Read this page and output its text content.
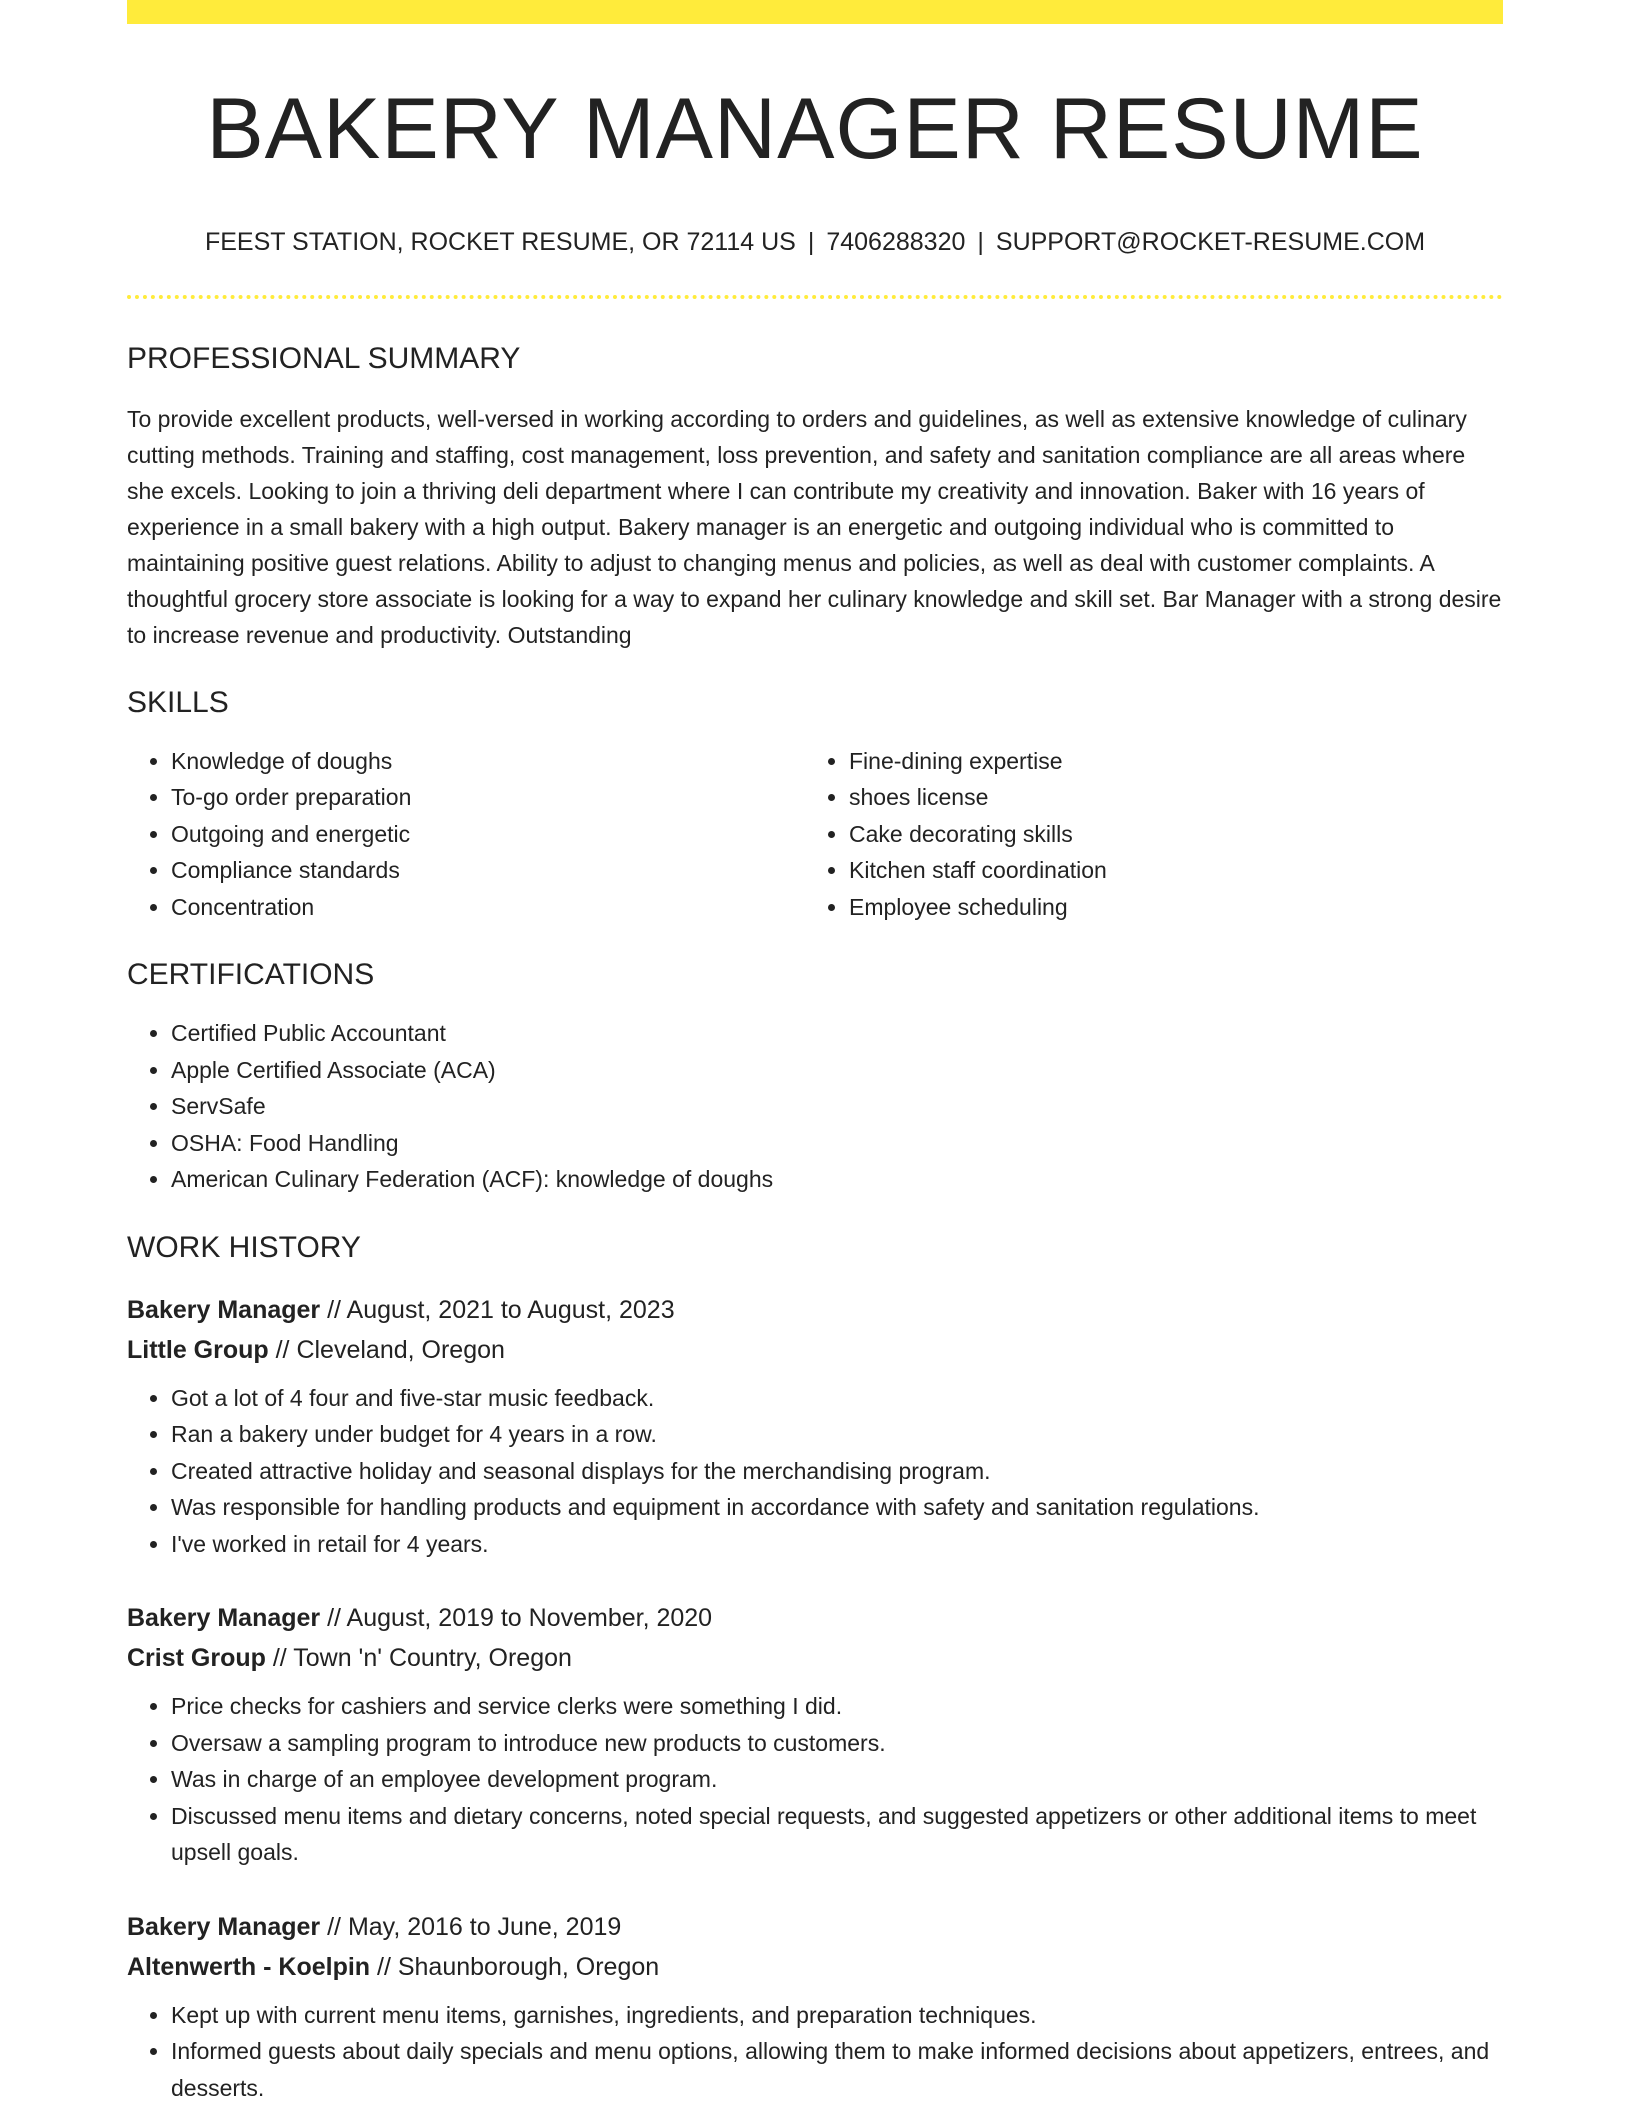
BAKERY MANAGER RESUME
FEEST STATION, ROCKET RESUME, OR 72114 US | 7406288320 | SUPPORT@ROCKET-RESUME.COM
PROFESSIONAL SUMMARY
To provide excellent products, well-versed in working according to orders and guidelines, as well as extensive knowledge of culinary cutting methods. Training and staffing, cost management, loss prevention, and safety and sanitation compliance are all areas where she excels. Looking to join a thriving deli department where I can contribute my creativity and innovation. Baker with 16 years of experience in a small bakery with a high output. Bakery manager is an energetic and outgoing individual who is committed to maintaining positive guest relations. Ability to adjust to changing menus and policies, as well as deal with customer complaints. A thoughtful grocery store associate is looking for a way to expand her culinary knowledge and skill set. Bar Manager with a strong desire to increase revenue and productivity. Outstanding
SKILLS
• Knowledge of doughs
• To-go order preparation
• Outgoing and energetic
• Compliance standards
• Concentration
• Fine-dining expertise
• shoes license
• Cake decorating skills
• Kitchen staff coordination
• Employee scheduling
CERTIFICATIONS
• Certified Public Accountant
• Apple Certified Associate (ACA)
• ServSafe
• OSHA: Food Handling
• American Culinary Federation (ACF): knowledge of doughs
WORK HISTORY
Bakery Manager // August, 2021 to August, 2023
Little Group // Cleveland, Oregon
• Got a lot of 4 four and five-star music feedback.
• Ran a bakery under budget for 4 years in a row.
• Created attractive holiday and seasonal displays for the merchandising program.
• Was responsible for handling products and equipment in accordance with safety and sanitation regulations.
• I've worked in retail for 4 years.
Bakery Manager // August, 2019 to November, 2020
Crist Group // Town 'n' Country, Oregon
• Price checks for cashiers and service clerks were something I did.
• Oversaw a sampling program to introduce new products to customers.
• Was in charge of an employee development program.
• Discussed menu items and dietary concerns, noted special requests, and suggested appetizers or other additional items to meet upsell goals.
Bakery Manager // May, 2016 to June, 2019
Altenwerth - Koelpin // Shaunborough, Oregon
• Kept up with current menu items, garnishes, ingredients, and preparation techniques.
• Informed guests about daily specials and menu options, allowing them to make informed decisions about appetizers, entrees, and desserts.
